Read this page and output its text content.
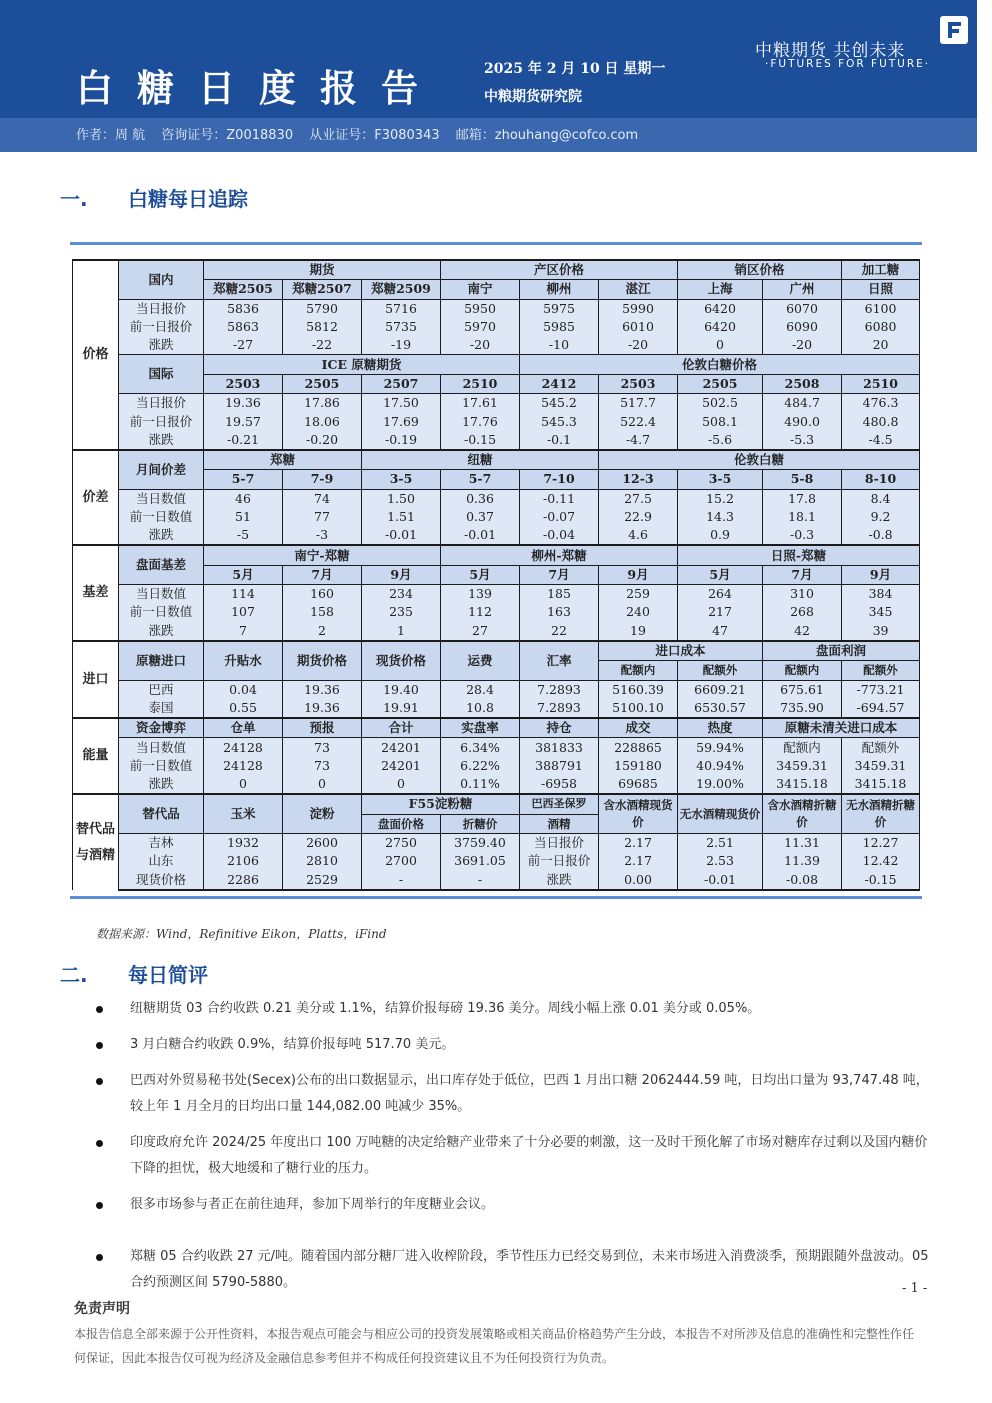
白糖日度报告	2025 年 2 月 10 日 星期一
中粮期货研究院
中粮期货 共创未来
·FUTURES FOR FUTURE·
作者：周 航 咨询证号：Z0018830 从业证号：F3080343 邮箱：zhouhang@cofco.com
一. 白糖每日追踪
价格	国内	期货			产区价格			销区价格		加工糖
		郑糖2505	郑糖2507	郑糖2509	南宁	柳州	湛江	上海	广州	日照
	当日报价	5836	5790	5716	5950	5975	5990	6420	6070	6100
	前一日报价	5863	5812	5735	5970	5985	6010	6420	6090	6080
	涨跌	-27	-22	-19	-20	-10	-20	0	-20	20
	国际	ICE 原糖期货				伦敦白糖价格				
		2503	2505	2507	2510	2412	2503	2505	2508	2510
	当日报价	19.36	17.86	17.50	17.61	545.2	517.7	502.5	484.7	476.3
	前一日报价	19.57	18.06	17.69	17.76	545.3	522.4	508.1	490.0	480.8
	涨跌	-0.21	-0.20	-0.19	-0.15	-0.1	-4.7	-5.6	-5.3	-4.5
价差	月间价差	郑糖		纽糖			伦敦白糖			
		5-7	7-9	3-5	5-7	7-10	12-3	3-5	5-8	8-10
	当日数值	46	74	1.50	0.36	-0.11	27.5	15.2	17.8	8.4
	前一日数值	51	77	1.51	0.37	-0.07	22.9	14.3	18.1	9.2
	涨跌	-5	-3	-0.01	-0.01	-0.04	4.6	0.9	-0.3	-0.8
基差	盘面基差	南宁-郑糖			柳州-郑糖			日照-郑糖		
		5月	7月	9月	5月	7月	9月	5月	7月	9月
	当日数值	114	160	234	139	185	259	264	310	384
	前一日数值	107	158	235	112	163	240	217	268	345
	涨跌	7	2	1	27	22	19	47	42	39
进口	原糖进口	升贴水	期货价格	现货价格	运费	汇率	进口成本		盘面利润	
							配额内	配额外	配额内	配额外
	巴西	0.04	19.36	19.40	28.4	7.2893	5160.39	6609.21	675.61	-773.21
	泰国	0.55	19.36	19.91	10.8	7.2893	5100.10	6530.57	735.90	-694.57
能量	资金博弈	仓单	预报	合计	实盘率	持仓	成交	热度	原糖未清关进口成本	
	当日数值	24128	73	24201	6.34%	381833	228865	59.94%	配额内	配额外
	前一日数值	24128	73	24201	6.22%	388791	159180	40.94%	3459.31	3459.31
	涨跌	0	0	0	0.11%	-6958	69685	19.00%	3415.18	3415.18
替代品与酒精	替代品	玉米	淀粉	F55淀粉糖		巴西圣保罗	含水酒精现货价	无水酒精现货价	含水酒精折糖价	无水酒精折糖价
				盘面价格	折糖价	酒精				
	吉林	1932	2600	2750	3759.40	当日报价	2.17	2.51	11.31	12.27
	山东	2106	2810	2700	3691.05	前一日报价	2.17	2.53	11.39	12.42
	现货价格	2286	2529	-	-	涨跌	0.00	-0.01	-0.08	-0.15
数据来源：Wind，Refinitive Eikon，Platts，iFind
二. 每日简评
纽糖期货 03 合约收跌 0.21 美分或 1.1%，结算价报每磅 19.36 美分。周线小幅上涨 0.01 美分或 0.05%。
3 月白糖合约收跌 0.9%，结算价报每吨 517.70 美元。
巴西对外贸易秘书处(Secex)公布的出口数据显示，出口库存处于低位，巴西 1 月出口糖 2062444.59 吨，日均出口量为 93,747.48 吨，较上年 1 月全月的日均出口量 144,082.00 吨减少 35%。
印度政府允许 2024/25 年度出口 100 万吨糖的决定给糖产业带来了十分必要的刺激，这一及时干预化解了市场对糖库存过剩以及国内糖价下降的担忧，极大地缓和了糖行业的压力。
很多市场参与者正在前往迪拜，参加下周举行的年度糖业会议。
郑糖 05 合约收跌 27 元/吨。随着国内部分糖厂进入收榨阶段，季节性压力已经交易到位，未来市场进入消费淡季，预期跟随外盘波动。05 合约预测区间 5790-5880。	- 1 -
免责声明
本报告信息全部来源于公开性资料，本报告观点可能会与相应公司的投资发展策略或相关商品价格趋势产生分歧，本报告不对所涉及信息的准确性和完整性作任何保证，因此本报告仅可视为经济及金融信息参考但并不构成任何投资建议且不为任何投资行为负责。
